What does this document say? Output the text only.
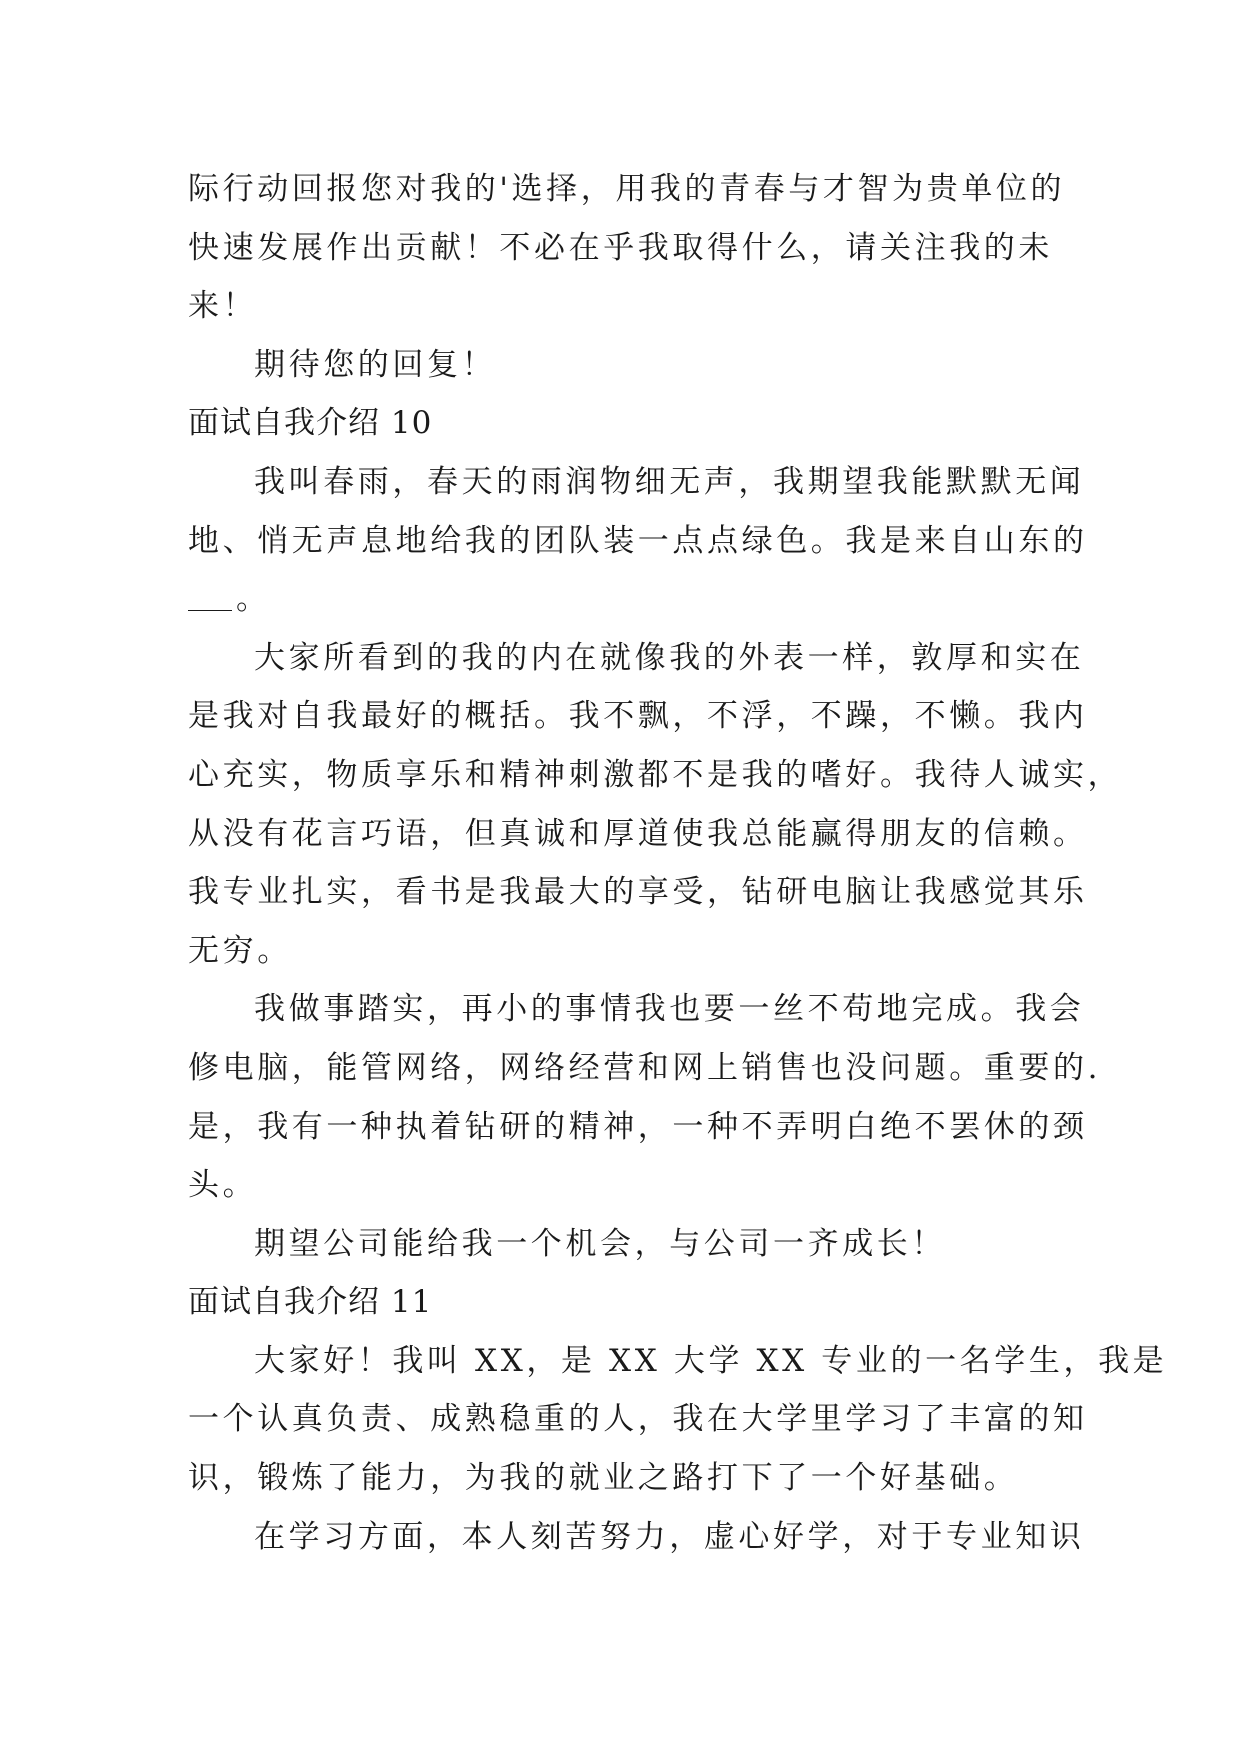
际行动回报您对我的'选择，用我的青春与才智为贵单位的
快速发展作出贡献！不必在乎我取得什么，请关注我的未
来！
期待您的回复！
面试自我介绍 10
我叫春雨，春天的雨润物细无声，我期望我能默默无闻
地、悄无声息地给我的团队装一点点绿色。我是来自山东的
。
大家所看到的我的内在就像我的外表一样，敦厚和实在
是我对自我最好的概括。我不飘，不浮，不躁，不懒。我内
心充实，物质享乐和精神刺激都不是我的嗜好。我待人诚实，
从没有花言巧语，但真诚和厚道使我总能赢得朋友的信赖。
我专业扎实，看书是我最大的享受，钻研电脑让我感觉其乐
无穷。
我做事踏实，再小的事情我也要一丝不苟地完成。我会
修电脑，能管网络，网络经营和网上销售也没问题。重要的.
是，我有一种执着钻研的精神，一种不弄明白绝不罢休的颈
头。
期望公司能给我一个机会，与公司一齐成长！
面试自我介绍 11
大家好！我叫 XX，是 XX 大学 XX 专业的一名学生，我是
一个认真负责、成熟稳重的人，我在大学里学习了丰富的知
识，锻炼了能力，为我的就业之路打下了一个好基础。
在学习方面，本人刻苦努力，虚心好学，对于专业知识
